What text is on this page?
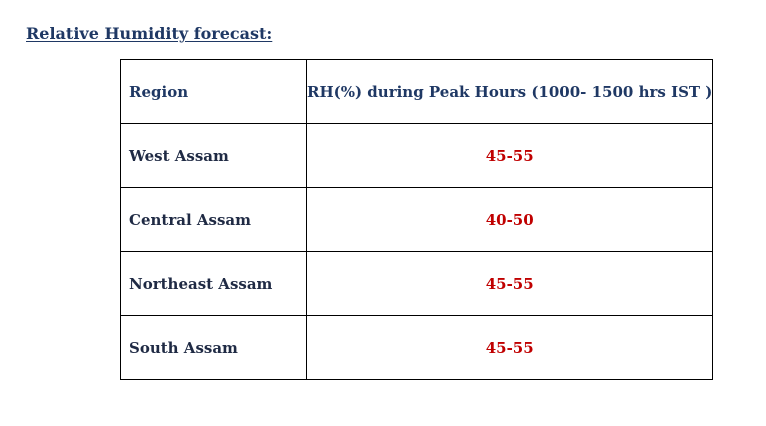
Relative Humidity forecast:
Region	RH(%) during Peak Hours (1000- 1500 hrs IST )
West Assam	45-55
Central Assam	40-50
Northeast Assam	45-55
South Assam	45-55
